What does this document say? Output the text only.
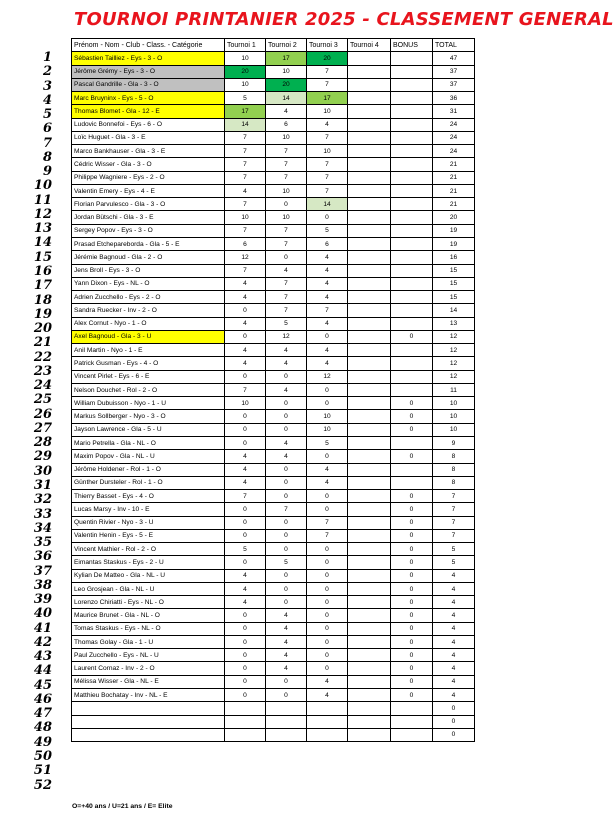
TOURNOI PRINTANIER 2025 - CLASSEMENT GENERAL
1
2
3
4
5
6
7
8
9
10
11
12
13
14
15
16
17
18
19
20
21
22
23
24
25
26
27
28
29
30
31
32
33
34
35
36
37
38
39
40
41
42
43
44
45
46
47
48
49
50
51
52
Prénom - Nom - Club - Class. - Catégorie	Tournoi 1	Tournoi 2	Tournoi 3	Tournoi 4	BONUS	TOTAL
Sébastien Tailliez - Eys - 3 - O	10	17	20			47
Jérôme Grémy - Eys - 3 - O	20	10	7			37
Pascal Gandrille - Gla - 3 - O	10	20	7			37
Marc Bruyninx - Eys - 5 - O	5	14	17			36
Thomas Blomet - Gla - 12 - E	17	4	10			31
Ludovic Bonnefoi - Eys - 6 - O	14	6	4			24
Loïc Huguet - Gla - 3 - E	7	10	7			24
Marco Bankhauser - Gla - 3 - E	7	7	10			24
Cédric Wisser - Gla - 3 - O	7	7	7			21
Philippe Wagniere - Eys - 2 - O	7	7	7			21
Valentin Emery - Eys - 4 - E	4	10	7			21
Florian Parvulesco - Gla - 3 - O	7	0	14			21
Jordan Bütschi - Gla - 3 - E	10	10	0			20
Sergey Popov - Eys - 3 - O	7	7	5			19
Prasad Etchepareborda - Gla - 5 - E	6	7	6			19
Jérémie Bagnoud - Gla - 2 - O	12	0	4			16
Jens Broll - Eys - 3 - O	7	4	4			15
Yann Dixon - Eys - NL - O	4	7	4			15
Adrien Zucchello - Eys - 2 - O	4	7	4			15
Sandra Ruecker - Inv - 2 - O	0	7	7			14
Alex Cornut - Nyo - 1 - O	4	5	4			13
Axel Bagnoud - Gla - 3 - U	0	12	0		0	12
Anil Martin - Nyo - 1 - E	4	4	4			12
Patrick Gusman - Eys - 4 - O	4	4	4			12
Vincent Pirlet - Eys - 6 - E	0	0	12			12
Nelson Douchet - Rol - 2 - O	7	4	0			11
William Dubuisson - Nyo - 1 - U	10	0	0		0	10
Markus Sollberger - Nyo - 3 - O	0	0	10		0	10
Jayson Lawrence - Gla - 5 - U	0	0	10		0	10
Mario Petrella - Gla - NL - O	0	4	5			9
Maxim Popov - Gla - NL - U	4	4	0		0	8
Jérôme Holdener - Rol - 1 - O	4	0	4			8
Günther Dursteler - Rol - 1 - O	4	0	4			8
Thierry Basset - Eys - 4 - O	7	0	0		0	7
Lucas Marsy - Inv - 10 - E	0	7	0		0	7
Quentin Rivier - Nyo - 3 - U	0	0	7		0	7
Valentin Henin - Eys - 5 - E	0	0	7		0	7
Vincent Mathier - Rol - 2 - O	5	0	0		0	5
Eimantas Staskus - Eys - 2 - U	0	5	0		0	5
Kylian De Matteo - Gla - NL - U	4	0	0		0	4
Leo Grosjean - Gla - NL - U	4	0	0		0	4
Lorenzo Chiriatti - Eys - NL - O	4	0	0		0	4
Maurice Brunet - Gla - NL - O	0	4	0		0	4
Tomas Staskus - Eys - NL - O	0	4	0		0	4
Thomas Golay - Gla - 1 - U	0	4	0		0	4
Paul Zucchello - Eys - NL - U	0	4	0		0	4
Laurent Cornaz - Inv - 2 - O	0	4	0		0	4
Mélissa Wisser - Gla - NL - E	0	0	4		0	4
Matthieu Bochatay - Inv - NL - E	0	0	4		0	4
						0
						0
						0
O=+40 ans / U=21 ans / E= Elite
